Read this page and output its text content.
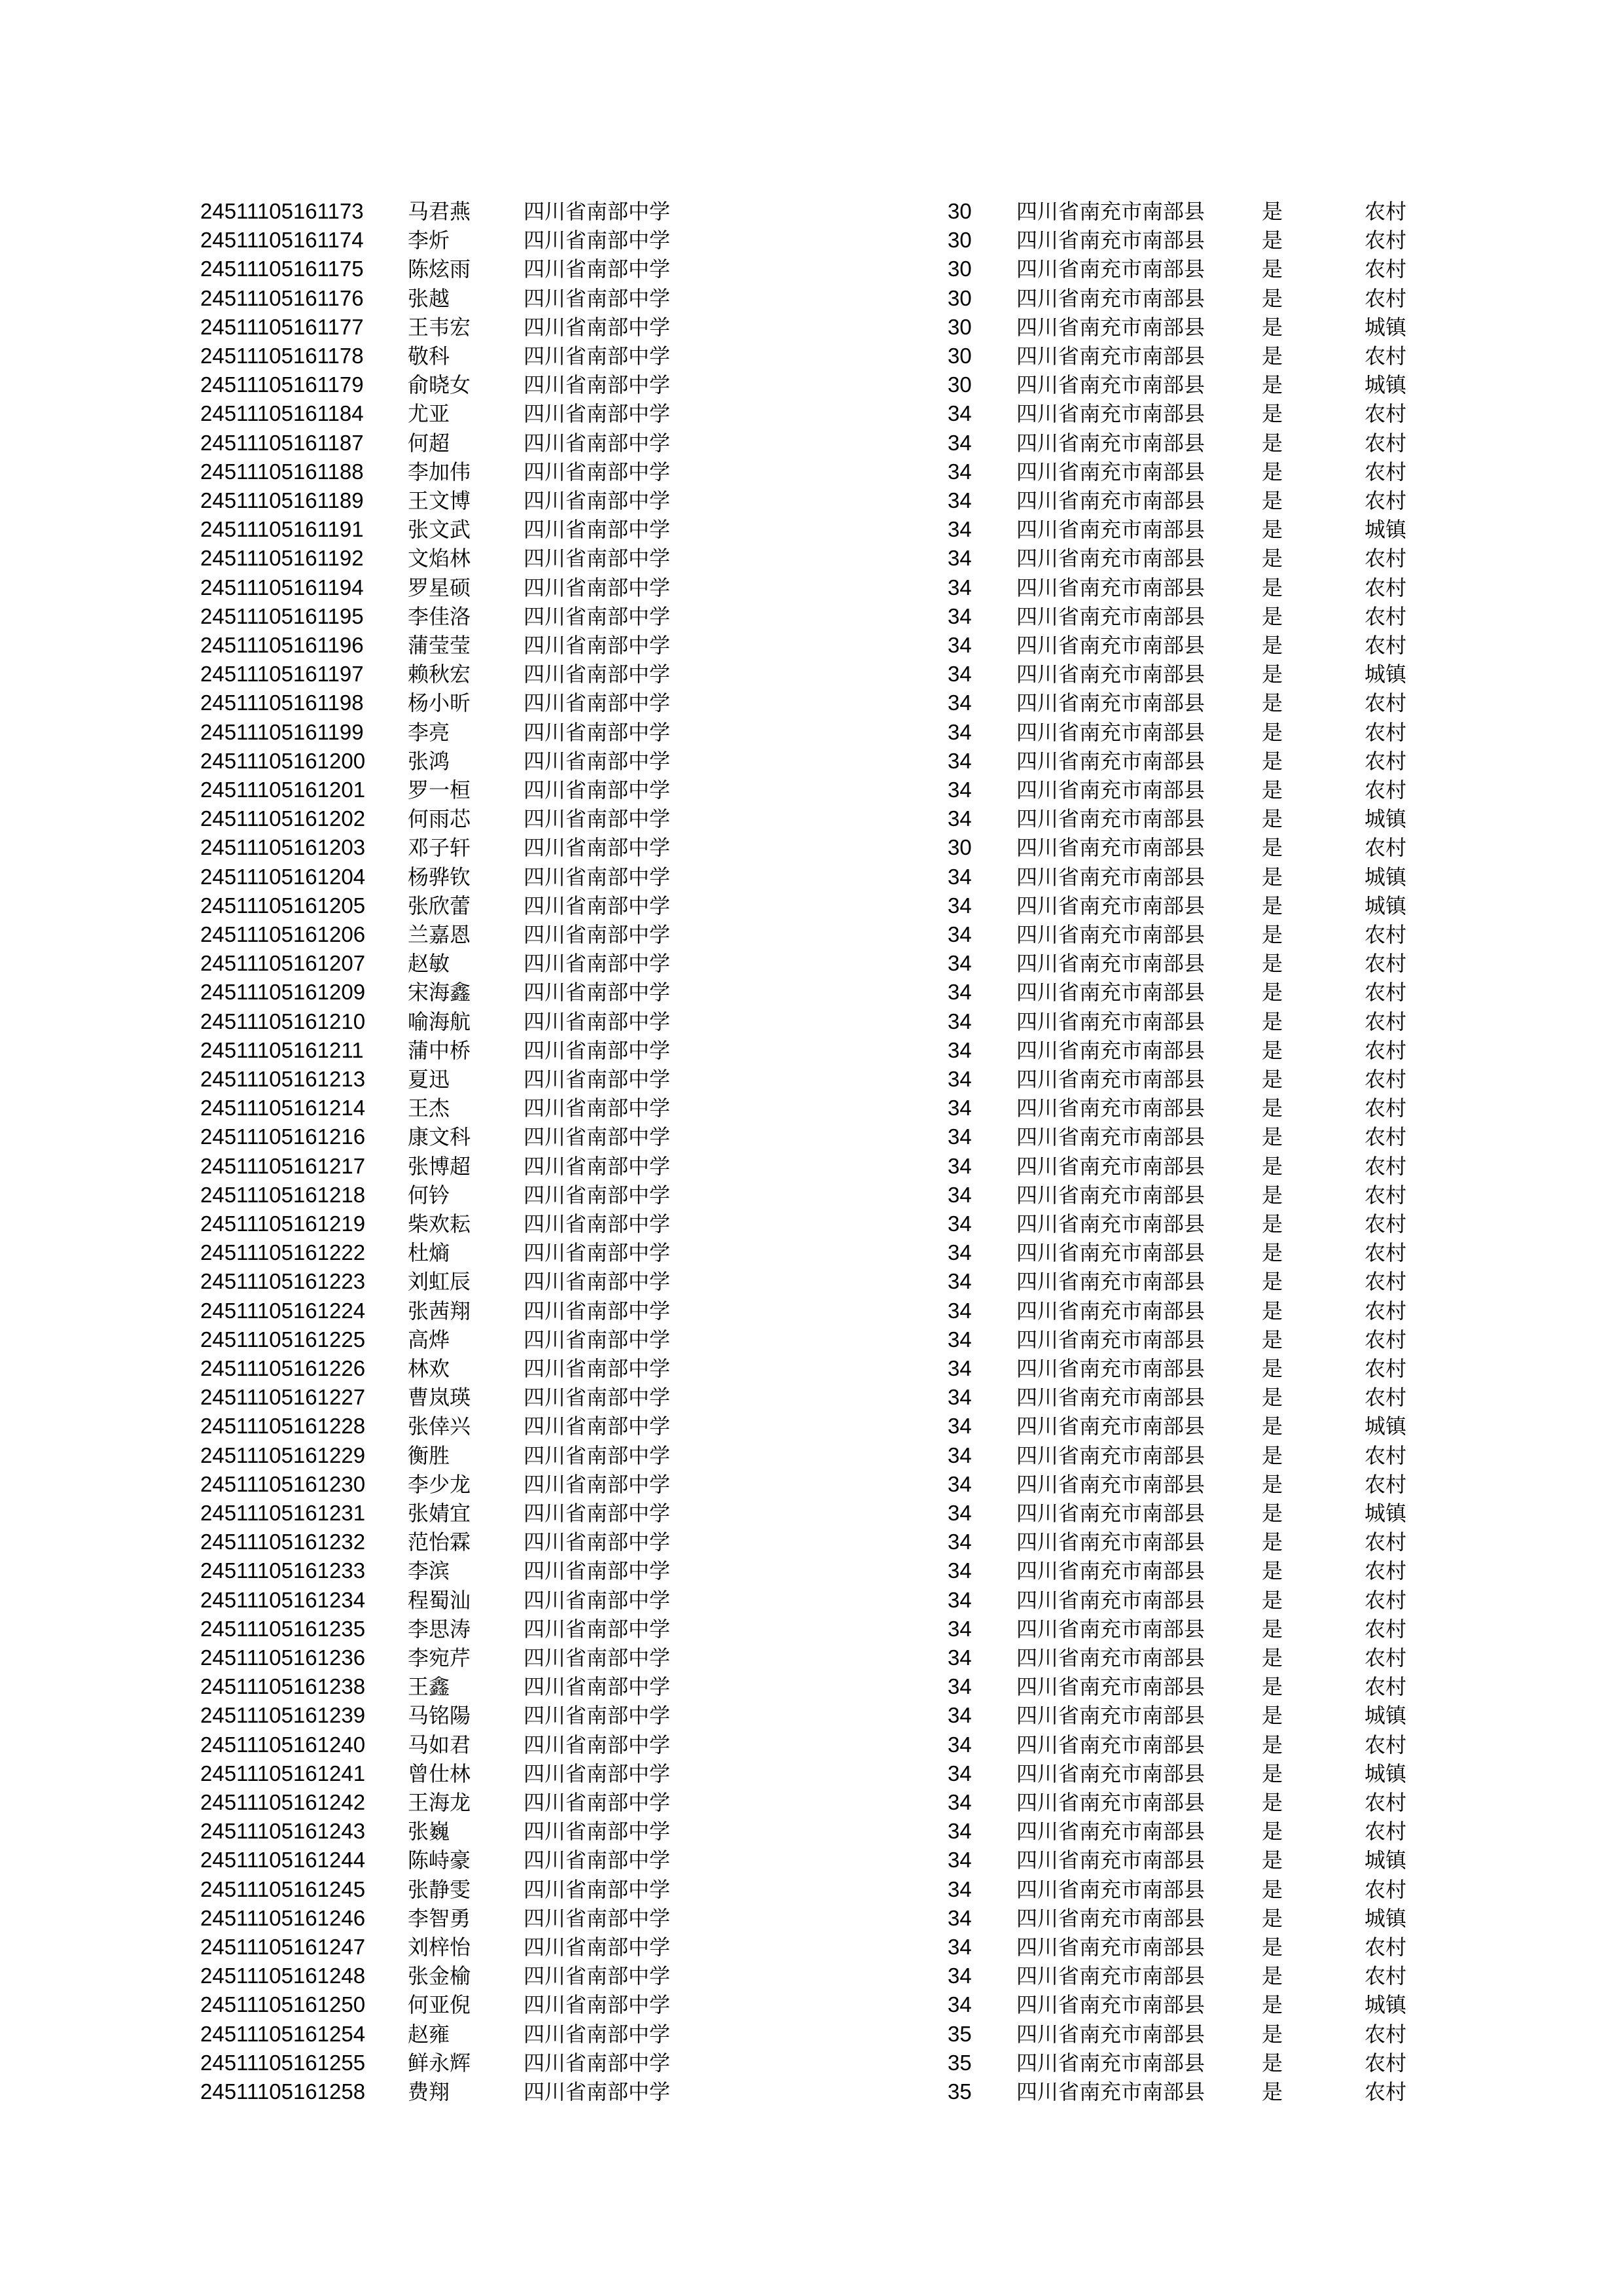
24511105161173 马君燕	四川省南部中学	30 四川省南充市南部县	是	农村
24511105161174 李炘	四川省南部中学	30 四川省南充市南部县	是	农村
24511105161175 陈炫雨	四川省南部中学	30 四川省南充市南部县	是	农村
24511105161176 张越	四川省南部中学	30 四川省南充市南部县	是	农村
24511105161177 王韦宏	四川省南部中学	30 四川省南充市南部县	是	城镇
24511105161178 敬科	四川省南部中学	30 四川省南充市南部县	是	农村
24511105161179 俞晓女	四川省南部中学	30 四川省南充市南部县	是	城镇
24511105161184 尤亚	四川省南部中学	34 四川省南充市南部县	是	农村
24511105161187 何超	四川省南部中学	34 四川省南充市南部县	是	农村
24511105161188 李加伟	四川省南部中学	34 四川省南充市南部县	是	农村
24511105161189 王文博	四川省南部中学	34 四川省南充市南部县	是	农村
24511105161191 张文武	四川省南部中学	34 四川省南充市南部县	是	城镇
24511105161192 文焰林	四川省南部中学	34 四川省南充市南部县	是	农村
24511105161194 罗星硕	四川省南部中学	34 四川省南充市南部县	是	农村
24511105161195 李佳洛	四川省南部中学	34 四川省南充市南部县	是	农村
24511105161196 蒲莹莹	四川省南部中学	34 四川省南充市南部县	是	农村
24511105161197 赖秋宏	四川省南部中学	34 四川省南充市南部县	是	城镇
24511105161198 杨小昕	四川省南部中学	34 四川省南充市南部县	是	农村
24511105161199 李亮	四川省南部中学	34 四川省南充市南部县	是	农村
24511105161200 张鸿	四川省南部中学	34 四川省南充市南部县	是	农村
24511105161201 罗一桓	四川省南部中学	34 四川省南充市南部县	是	农村
24511105161202 何雨芯	四川省南部中学	34 四川省南充市南部县	是	城镇
24511105161203 邓子轩	四川省南部中学	30 四川省南充市南部县	是	农村
24511105161204 杨骅钦	四川省南部中学	34 四川省南充市南部县	是	城镇
24511105161205 张欣蕾	四川省南部中学	34 四川省南充市南部县	是	城镇
24511105161206 兰嘉恩	四川省南部中学	34 四川省南充市南部县	是	农村
24511105161207 赵敏	四川省南部中学	34 四川省南充市南部县	是	农村
24511105161209 宋海鑫	四川省南部中学	34 四川省南充市南部县	是	农村
24511105161210 喻海航	四川省南部中学	34 四川省南充市南部县	是	农村
24511105161211 蒲中桥	四川省南部中学	34 四川省南充市南部县	是	农村
24511105161213 夏迅	四川省南部中学	34 四川省南充市南部县	是	农村
24511105161214 王杰	四川省南部中学	34 四川省南充市南部县	是	农村
24511105161216 康文科	四川省南部中学	34 四川省南充市南部县	是	农村
24511105161217 张博超	四川省南部中学	34 四川省南充市南部县	是	农村
24511105161218 何钤	四川省南部中学	34 四川省南充市南部县	是	农村
24511105161219 柴欢耘	四川省南部中学	34 四川省南充市南部县	是	农村
24511105161222 杜熵	四川省南部中学	34 四川省南充市南部县	是	农村
24511105161223 刘虹辰	四川省南部中学	34 四川省南充市南部县	是	农村
24511105161224 张茜翔	四川省南部中学	34 四川省南充市南部县	是	农村
24511105161225 高烨	四川省南部中学	34 四川省南充市南部县	是	农村
24511105161226 林欢	四川省南部中学	34 四川省南充市南部县	是	农村
24511105161227 曹岚瑛	四川省南部中学	34 四川省南充市南部县	是	农村
24511105161228 张倖兴	四川省南部中学	34 四川省南充市南部县	是	城镇
24511105161229 衡胜	四川省南部中学	34 四川省南充市南部县	是	农村
24511105161230 李少龙	四川省南部中学	34 四川省南充市南部县	是	农村
24511105161231 张婧宜	四川省南部中学	34 四川省南充市南部县	是	城镇
24511105161232 范怡霖	四川省南部中学	34 四川省南充市南部县	是	农村
24511105161233 李滨	四川省南部中学	34 四川省南充市南部县	是	农村
24511105161234 程蜀汕	四川省南部中学	34 四川省南充市南部县	是	农村
24511105161235 李思涛	四川省南部中学	34 四川省南充市南部县	是	农村
24511105161236 李宛芹	四川省南部中学	34 四川省南充市南部县	是	农村
24511105161238 王鑫	四川省南部中学	34 四川省南充市南部县	是	农村
24511105161239 马铭陽	四川省南部中学	34 四川省南充市南部县	是	城镇
24511105161240 马如君	四川省南部中学	34 四川省南充市南部县	是	农村
24511105161241 曾仕林	四川省南部中学	34 四川省南充市南部县	是	城镇
24511105161242 王海龙	四川省南部中学	34 四川省南充市南部县	是	农村
24511105161243 张巍	四川省南部中学	34 四川省南充市南部县	是	农村
24511105161244 陈峙豪	四川省南部中学	34 四川省南充市南部县	是	城镇
24511105161245 张静雯	四川省南部中学	34 四川省南充市南部县	是	农村
24511105161246 李智勇	四川省南部中学	34 四川省南充市南部县	是	城镇
24511105161247 刘梓怡	四川省南部中学	34 四川省南充市南部县	是	农村
24511105161248 张金榆	四川省南部中学	34 四川省南充市南部县	是	农村
24511105161250 何亚倪	四川省南部中学	34 四川省南充市南部县	是	城镇
24511105161254 赵雍	四川省南部中学	35 四川省南充市南部县	是	农村
24511105161255 鲜永辉	四川省南部中学	35 四川省南充市南部县	是	农村
24511105161258 费翔	四川省南部中学	35 四川省南充市南部县	是	农村
